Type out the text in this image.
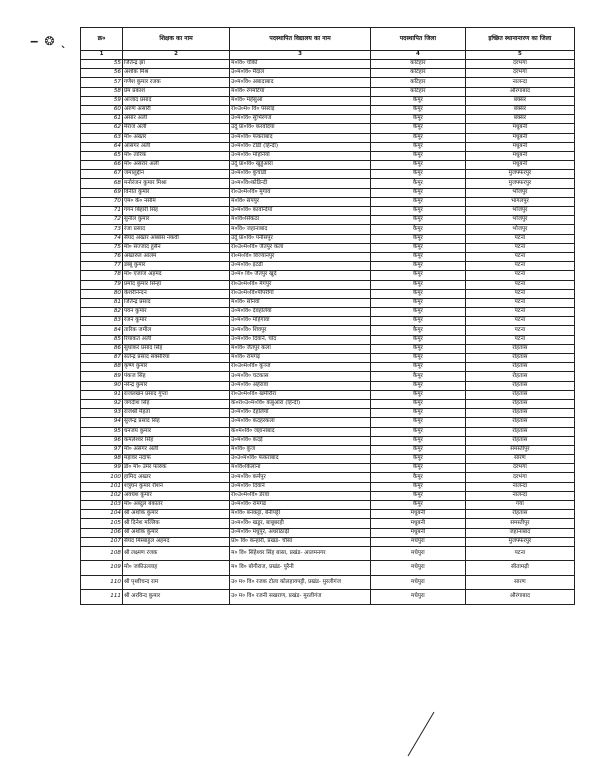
‒ ❂ ˎ	क्र०	शिक्षक का नाम	पदस्थापित विद्यालय का नाम	पदस्थापित जिला	इच्छित स्थानान्तरण का जिला
1	2	3	4	5
55	जितेन्द्र झा	म०वि० चौकी	कटिहार	दरभंगा
56	अशोक मिश्र	उ०म०वि० मैदाल	कटिहार	दरभंगा
57	गणेश कुमार रजक	उ०म०वि० अबादाबाद	कटिहार	नालन्दा
58	प्रेम प्रकाश	म०वि० रंगमटिया	कटिहार	औरंगाबाद
59	आजाद प्रसाद	म०वि० महेसुआ	कैमूर	बक्सर
60	अरुण अंसारी	रा०उ०म० वि० पसराइं	कैमूर	बक्सर
61	अंसार अली	उ०म०वि० सुभिरगंज	कैमूर	बक्सर
62	मेराज अली	उर्दू प्रा०वि० करवंदिया	कैमूर	मधुबनी
63	मो० अख्तर	उ०म०वि० फकराबाद	कैमूर	मधुबनी
64	आसगर अली	उ०म०वि० टोडी (हिन्दी)	कैमूर	मधुबनी
65	मो० तारिक	उ०म०वि० मोहनियाँ	कैमूर	मधुबनी
66	मो० असरार अली	उर्दू प्रा०वि० खुर्हुआरा	कैमूर	मधुबनी
67	जमालुद्दीन	उ०म०वि० कुचाडी	कैमूर	मुजफ्फरपुर
68	मनोरंजन कुमार मिश्रा	उ०म०वि०कोडिन्दी	कैमूर	मुजफ्फरपुर
69	विनीत कुमार	रा०उ०म०वि० मुगांव	कैमूर	भोजपुर
70	एम० के० नसीम	म०वि० सपपुर	कैमूर	भागलपुर
71	गगन बिहारी सिंह	उ०म०वि० कावन्दियाँ	कैमूर	भोजपुर
72	सुनील कुमार	म०वि०सिकठा	कैमूर	भोजपुर
73	रंजा प्रसाद	म०वि० जहानाबाद	कैमूर	भोजपुर
74	सैयद अख्तर अब्बास नकवी	उर्दू प्रा०वि० पनीसपुर	कैमूर	पटना
75	मो० सज्जाद हुसैन	रा०उ०म०वि० जैतपुर कला	कैमूर	पटना
76	अख्तरुल आलम	रा०म०वि० विज्यानपुर	कैमूर	पटना
77	डब्बू कुमार	उ०म०वि० इटढी	कैमूर	पटना
78	मो० एजाज अहमद	उ०म० वि० जैतपुर खुर्द	कैमूर	पटना
79	प्रमोद कुमार सिन्हा	रा०उ०म०वि० मेंगपुर	कैमूर	पटना
80	केशरीनन्दन	रा०उ०म०वि०पीपरीगाँ	कैमूर	पटना
81	जितेन्द्र प्रसाद	म०वि० सोनवाँ	कैमूर	पटना
82	पवन कुमार	उ०म०वि० देवहलिया	कैमूर	पटना
83	रंजन कुमार	उ०म०वि० महिगांवा	कैमूर	पटना
84	तारिक जमील	उ०म०वि० शिवपुर	कैमूर	पटना
85	रियाकत अली	उ०म०वि० दिवाने, चाँद	कैमूर	पटना
86	सुधाकर प्रसाद सिंह	म०वि० जैतपुर कला	कैमूर	रोहतास
87	सतेन्द्र प्रसाद सक्सेरिया	म०वि० रामगढ़	कैमूर	रोहतास
88	कृष्ण कुमार	रा०उ०म०वि० कुञ्ज	कैमूर	रोहतास
89	पंकज सिंह	उ०म०वि० चटकास	कैमूर	रोहतास
90	नरेन्द्र कुमार	उ०म०वि० अहेरावा	कैमूर	रोहतास
91	राजलखन प्रसाद गुप्ता	रा०उ०म०वि० खमीरौरा	कैमूर	रोहतास
92	जगदीश सिंह	क०रा०उ०म०वि० कबुआरा (हिन्दी)	कैमूर	रोहतास
93	राजश्री मेहता	उ०म०वि० देहलियाँ	कैमूर	रोहतास
94	सुजेन्द्र प्रसाद सिंह	उ०म०वि० कदहरकला	कैमूर	रोहतास
95	धनंजय कुमार	क०म०वि० जहानाबाद	कैमूर	रोहतास
96	कमलेश्वर सिंह	उ०म०वि० कदई	कैमूर	रोहतास
97	मो० असगर अली	म०वि० कुंज	कैमूर	समस्तीपुर
98	महावर नदाफ	उ०उ०म०वि० फकराबाद	कैमूर	सारण
99	डॉ० मो० उमर फारुक	म०वि०किलाना	कैमूर	दरभंगा
100	हामिद अख्तर	उ०म०वि० कर्मपुर	कैमूर	दरभंगा
101	शत्रुघन कुमार रौशन	उ०म०वि० दिवाने	कैमूर	नालन्दा
102	अवधेश कुमार	रा०उ०म०वि० डेरवा	कैमूर	नालन्दा
103	मो० अब्दुल बकातर	उ०म०वि० रामगढ	कैमूर	गया
104	श्री अशोक कुमार	म०वि० बनकट्टा, बेनीपट्टी	मधुबनी	रोहतास
105	श्री दिनेश मल्लिक	उ०म०वि० खडूर, बाबूबरही	मधुबनी	समस्तीपुर
106	श्री अशोक कुमार	उ०म०वि० मधुपुर, अंधराठाढ़ी	मधुबनी	जहानाबाद
107	सैयद मिस्बाहुल अहमद	प्रा० वि० कन्हारी, प्रखंड- चौसा	मधेपुरा	मुजफ्फरपुर
108	श्री लक्ष्मण रजक	म० वि० सिंहेश्वर सिंह बासा, प्रखंड- आलमनगर	मधेपुरा	पटना
109	मो० जकीउल्लाह	म० वि० बोगीराज, प्रखंड- पुरैनी	मधेपुरा	सीतामढ़ी
110	श्री पृथ्वीचन्द राम	उ० म० वि० रजक टोला कोलहायपट्टी, प्रखंड- मुरलीगंज	मधेपुरा	सारण
111	श्री अरविन्द कुमार	उ० म० वि० रजनी सखराण, प्रखंड- मुरलीगंज	मधेपुरा	औरंगाबाद
